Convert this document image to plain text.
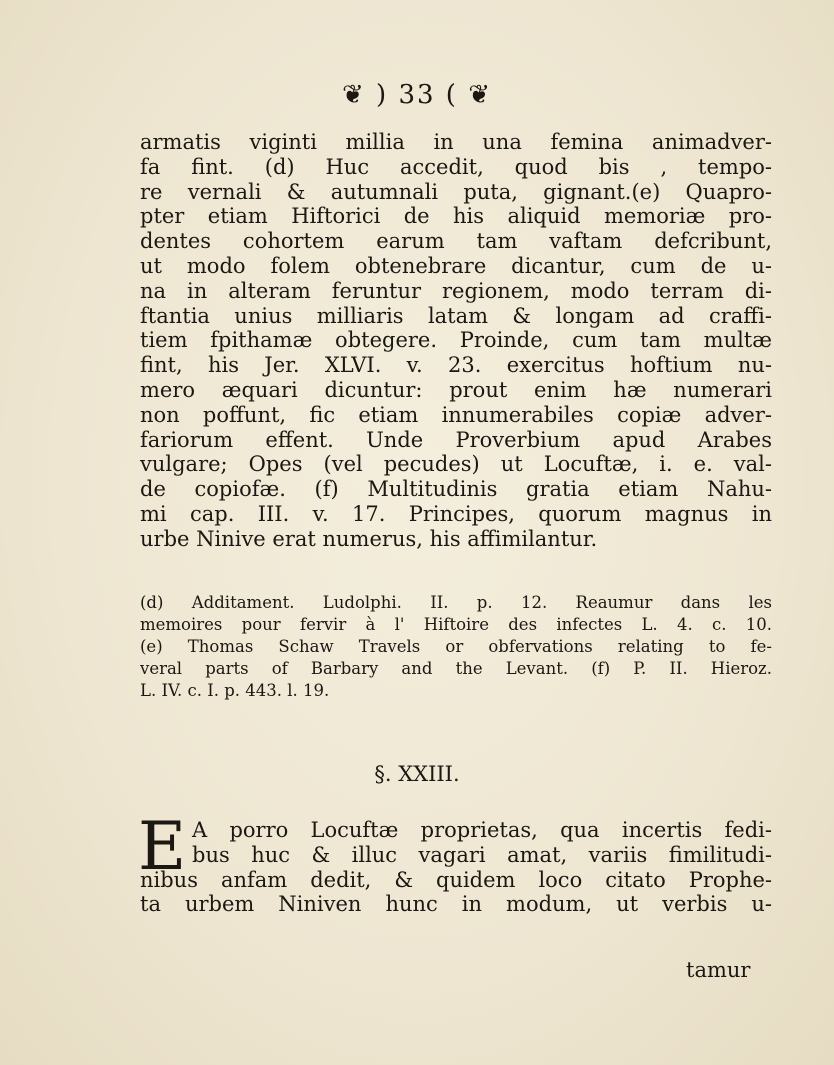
❦ ) 33 ( ❦
armatis viginti millia in una femina animadver-
fa fint. (d) Huc accedit, quod bis , tempo-
re vernali & autumnali puta, gignant.(e) Quapro-
pter etiam Hiftorici de his aliquid memoriæ pro-
dentes cohortem earum tam vaftam defcribunt,
ut modo folem obtenebrare dicantur, cum de u-
na in alteram feruntur regionem, modo terram di-
ftantia unius milliaris latam & longam ad craffi-
tiem fpithamæ obtegere. Proinde, cum tam multæ
fint, his Jer. XLVI. v. 23. exercitus hoftium nu-
mero æquari dicuntur: prout enim hæ numerari
non poffunt, fic etiam innumerabiles copiæ adver-
fariorum effent. Unde Proverbium apud Arabes
vulgare; Opes (vel pecudes) ut Locuftæ, i. e. val-
de copiofæ. (f) Multitudinis gratia etiam Nahu-
mi cap. III. v. 17. Principes, quorum magnus in
urbe Ninive erat numerus, his affimilantur.
(d) Additament. Ludolphi. II. p. 12. Reaumur dans les
memoires pour fervir à l' Hiftoire des infectes L. 4. c. 10.
(e) Thomas Schaw Travels or obfervations relating to fe-
veral parts of Barbary and the Levant. (f) P. II. Hieroz.
L. IV. c. I. p. 443. l. 19.
§. XXIII.
E A porro Locuftæ proprietas, qua incertis fedi-
bus huc & illuc vagari amat, variis fimilitudi-
nibus anfam dedit, & quidem loco citato Prophe-
ta urbem Niniven hunc in modum, ut verbis u-
tamur
